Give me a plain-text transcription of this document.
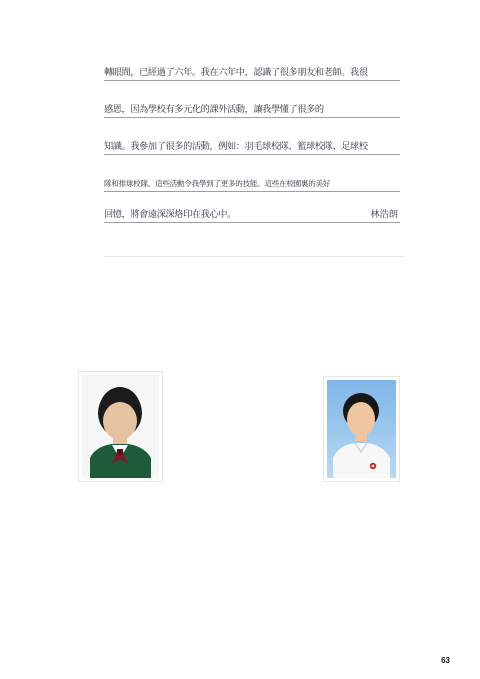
轉眼間，已經過了六年。我在六年中，認識了很多朋友和老師。我很
感恩，因為學校有多元化的課外活動，讓我學懂了很多的
知識。我參加了很多的活動，例如：羽毛球校隊、籃球校隊、足球校
隊和排球校隊。這些活動令我學到了更多的技能。這些在校園裏的美好
回憶，將會遠深深烙印在我心中。	林浩朗
63
